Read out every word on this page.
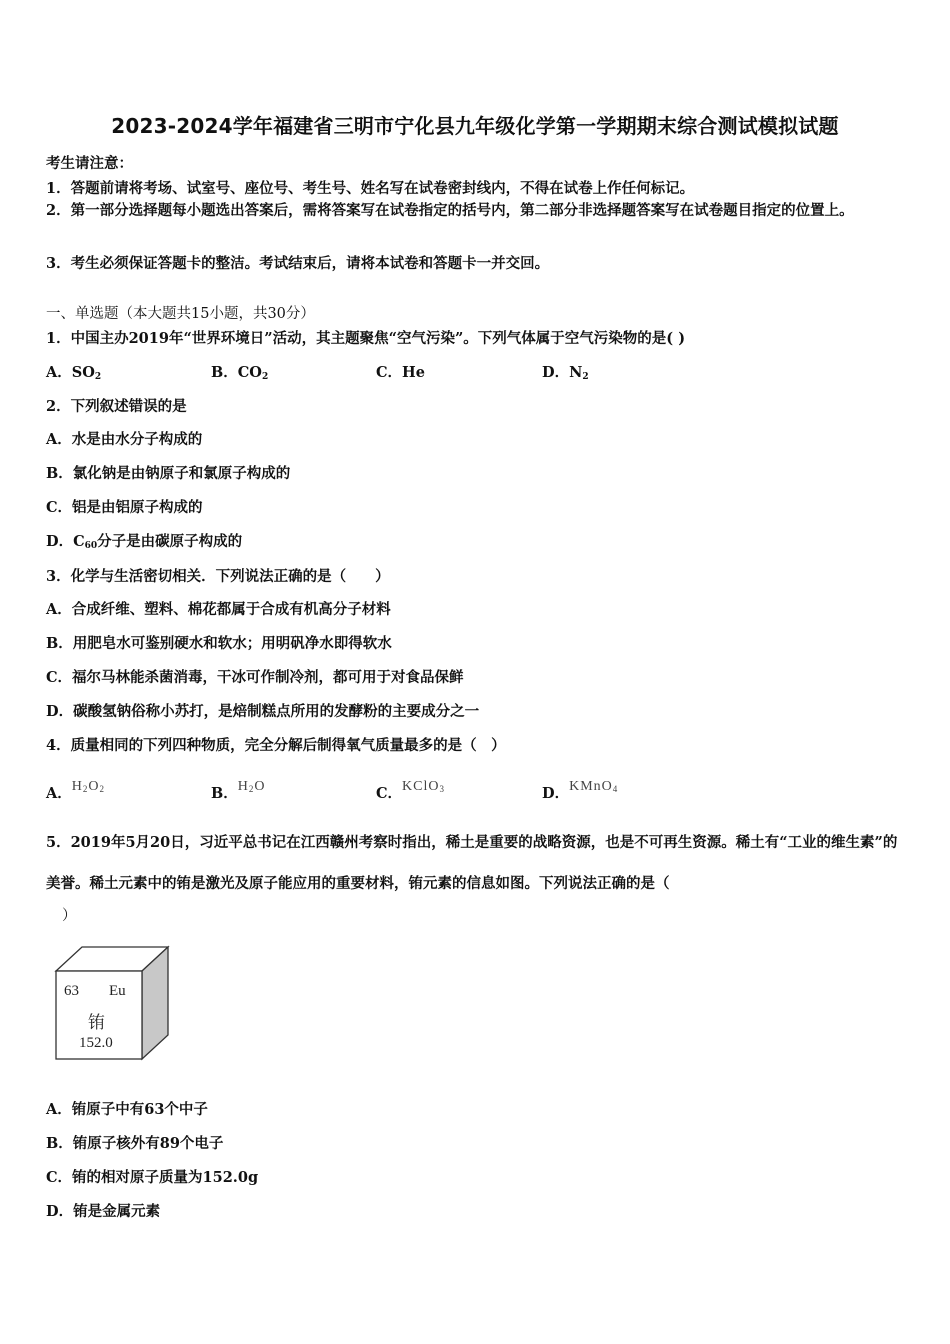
2023-2024学年福建省三明市宁化县九年级化学第一学期期末综合测试模拟试题
考生请注意：
1．答题前请将考场、试室号、座位号、考生号、姓名写在试卷密封线内，不得在试卷上作任何标记。
2．第一部分选择题每小题选出答案后，需将答案写在试卷指定的括号内，第二部分非选择题答案写在试卷题目指定的位置上。
3．考生必须保证答题卡的整洁。考试结束后，请将本试卷和答题卡一并交回。
一、单选题（本大题共15小题，共30分）
1．中国主办2019年“世界环境日”活动，其主题聚焦“空气污染”。下列气体属于空气污染物的是( )
A．$SO_2$	B．$CO_2$	C．He	D．$N_2$
2．下列叙述错误的是
A．水是由水分子构成的
B．氯化钠是由钠原子和氯原子构成的
C．铝是由铝原子构成的
D．$C_{60}$分子是由碳原子构成的
3．化学与生活密切相关．下列说法正确的是（　　）
A．合成纤维、塑料、棉花都属于合成有机高分子材料
B．用肥皂水可鉴别硬水和软水；用明矾净水即得软水
C．福尔马林能杀菌消毒，干冰可作制冷剂，都可用于对食品保鲜
D．碳酸氢钠俗称小苏打，是焙制糕点所用的发酵粉的主要成分之一
4．质量相同的下列四种物质，完全分解后制得氧气质量最多的是（　）
A．$H_2O_2$	B．$H_2O$	C．KClO$_3$	D．KMnO$_4$
5．2019年5月20日，习近平总书记在江西赣州考察时指出，稀土是重要的战略资源，也是不可再生资源。稀土有“工业的维生素”的美誉。稀土元素中的铕是激光及原子能应用的重要材料，铕元素的信息如图。下列说法正确的是（
）
63 Eu
铕
152.0
A．铕原子中有63个中子
B．铕原子核外有89个电子
C．铕的相对原子质量为152.0g
D．铕是金属元素
